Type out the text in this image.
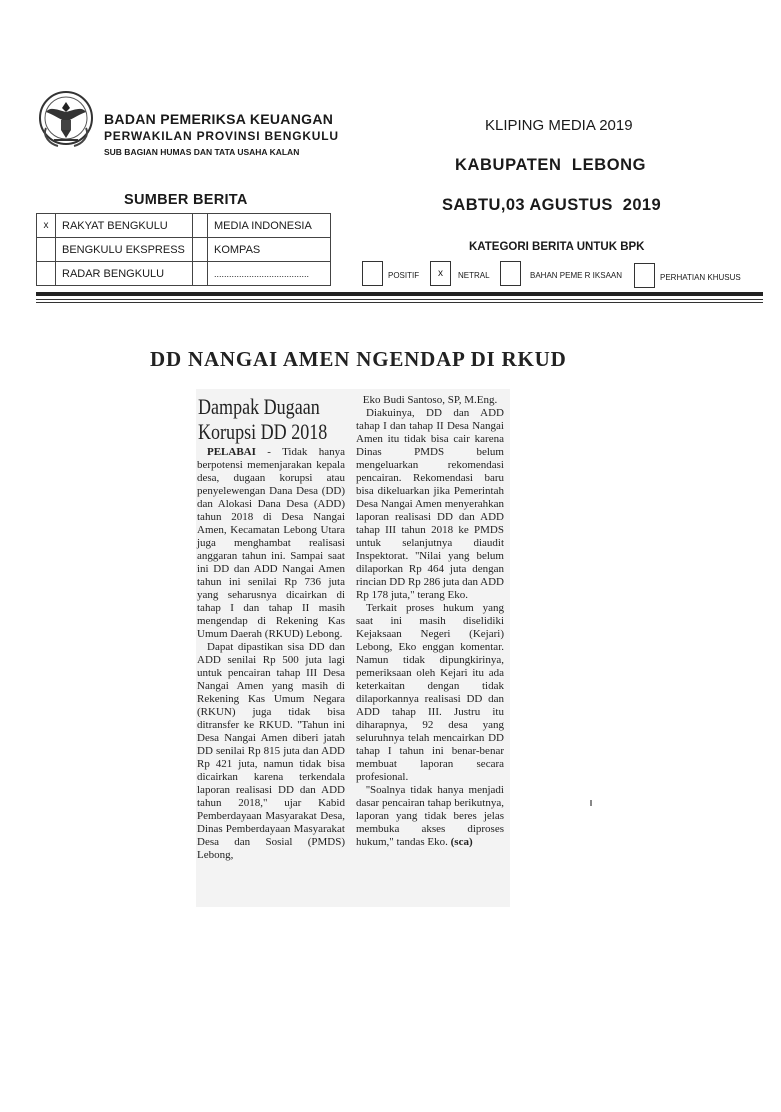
BADAN PEMERIKSA KEUANGAN
PERWAKILAN PROVINSI BENGKULU
SUB BAGIAN HUMAS DAN TATA USAHA KALAN
KLIPING MEDIA 2019
KABUPATEN  LEBONG
SABTU,03 AGUSTUS  2019
SUMBER BERITA
x	RAKYAT BENGKULU		MEDIA INDONESIA
	BENGKULU EKSPRESS		KOMPAS
	RADAR BENGKULU		......................................
KATEGORI BERITA UNTUK BPK
POSITIF	x	NETRAL	BAHAN PEME R IKSAAN	PERHATIAN KHUSUS
DD NANGAI AMEN NGENDAP DI RKUD
Dampak Dugaan
Korupsi DD 2018

PELABAI - Tidak hanya berpotensi memenjarakan kepala desa, dugaan korupsi atau penyelewengan Dana Desa (DD) dan Alokasi Dana Desa (ADD) tahun 2018 di Desa Nangai Amen, Kecamatan Lebong Utara juga menghambat realisasi anggaran tahun ini. Sampai saat ini DD dan ADD Nangai Amen tahun ini senilai Rp 736 juta yang seharusnya dicairkan di tahap I dan tahap II masih mengendap di Rekening Kas Umum Daerah (RKUD) Lebong.

Dapat dipastikan sisa DD dan ADD senilai Rp 500 juta lagi untuk pencairan tahap III Desa Nangai Amen yang masih di Rekening Kas Umum Negara (RKUN) juga tidak bisa ditransfer ke RKUD. ''Tahun ini Desa Nangai Amen diberi jatah DD senilai Rp 815 juta dan ADD Rp 421 juta, namun tidak bisa dicairkan karena terkendala laporan realisasi DD dan ADD tahun 2018," ujar Kabid Pemberdayaan Masyarakat Desa, Dinas Pemberdayaan Masyarakat Desa dan Sosial (PMDS) Lebong,

Eko Budi Santoso, SP, M.Eng.

Diakuinya, DD dan ADD tahap I dan tahap II Desa Nangai Amen itu tidak bisa cair karena Dinas PMDS belum mengeluarkan rekomendasi pencairan. Rekomendasi baru bisa dikeluarkan jika Pemerintah Desa Nangai Amen menyerahkan laporan realisasi DD dan ADD tahap III tahun 2018 ke PMDS untuk selanjutnya diaudit Inspektorat. ''Nilai yang belum dilaporkan Rp 464 juta dengan rincian DD Rp 286 juta dan ADD Rp 178 juta," terang Eko.

Terkait proses hukum yang saat ini masih diselidiki Kejaksaan Negeri (Kejari) Lebong, Eko enggan komentar. Namun tidak dipungkirinya, pemeriksaan oleh Kejari itu ada keterkaitan dengan tidak dilaporkannya realisasi DD dan ADD tahap III. Justru itu diharapnya, 92 desa yang seluruhnya telah mencairkan DD tahap I tahun ini benar-benar membuat laporan secara profesional.

''Soalnya tidak hanya menjadi dasar pencairan tahap berikutnya, laporan yang tidak beres jelas membuka akses diproses hukum," tandas Eko. (sca)
